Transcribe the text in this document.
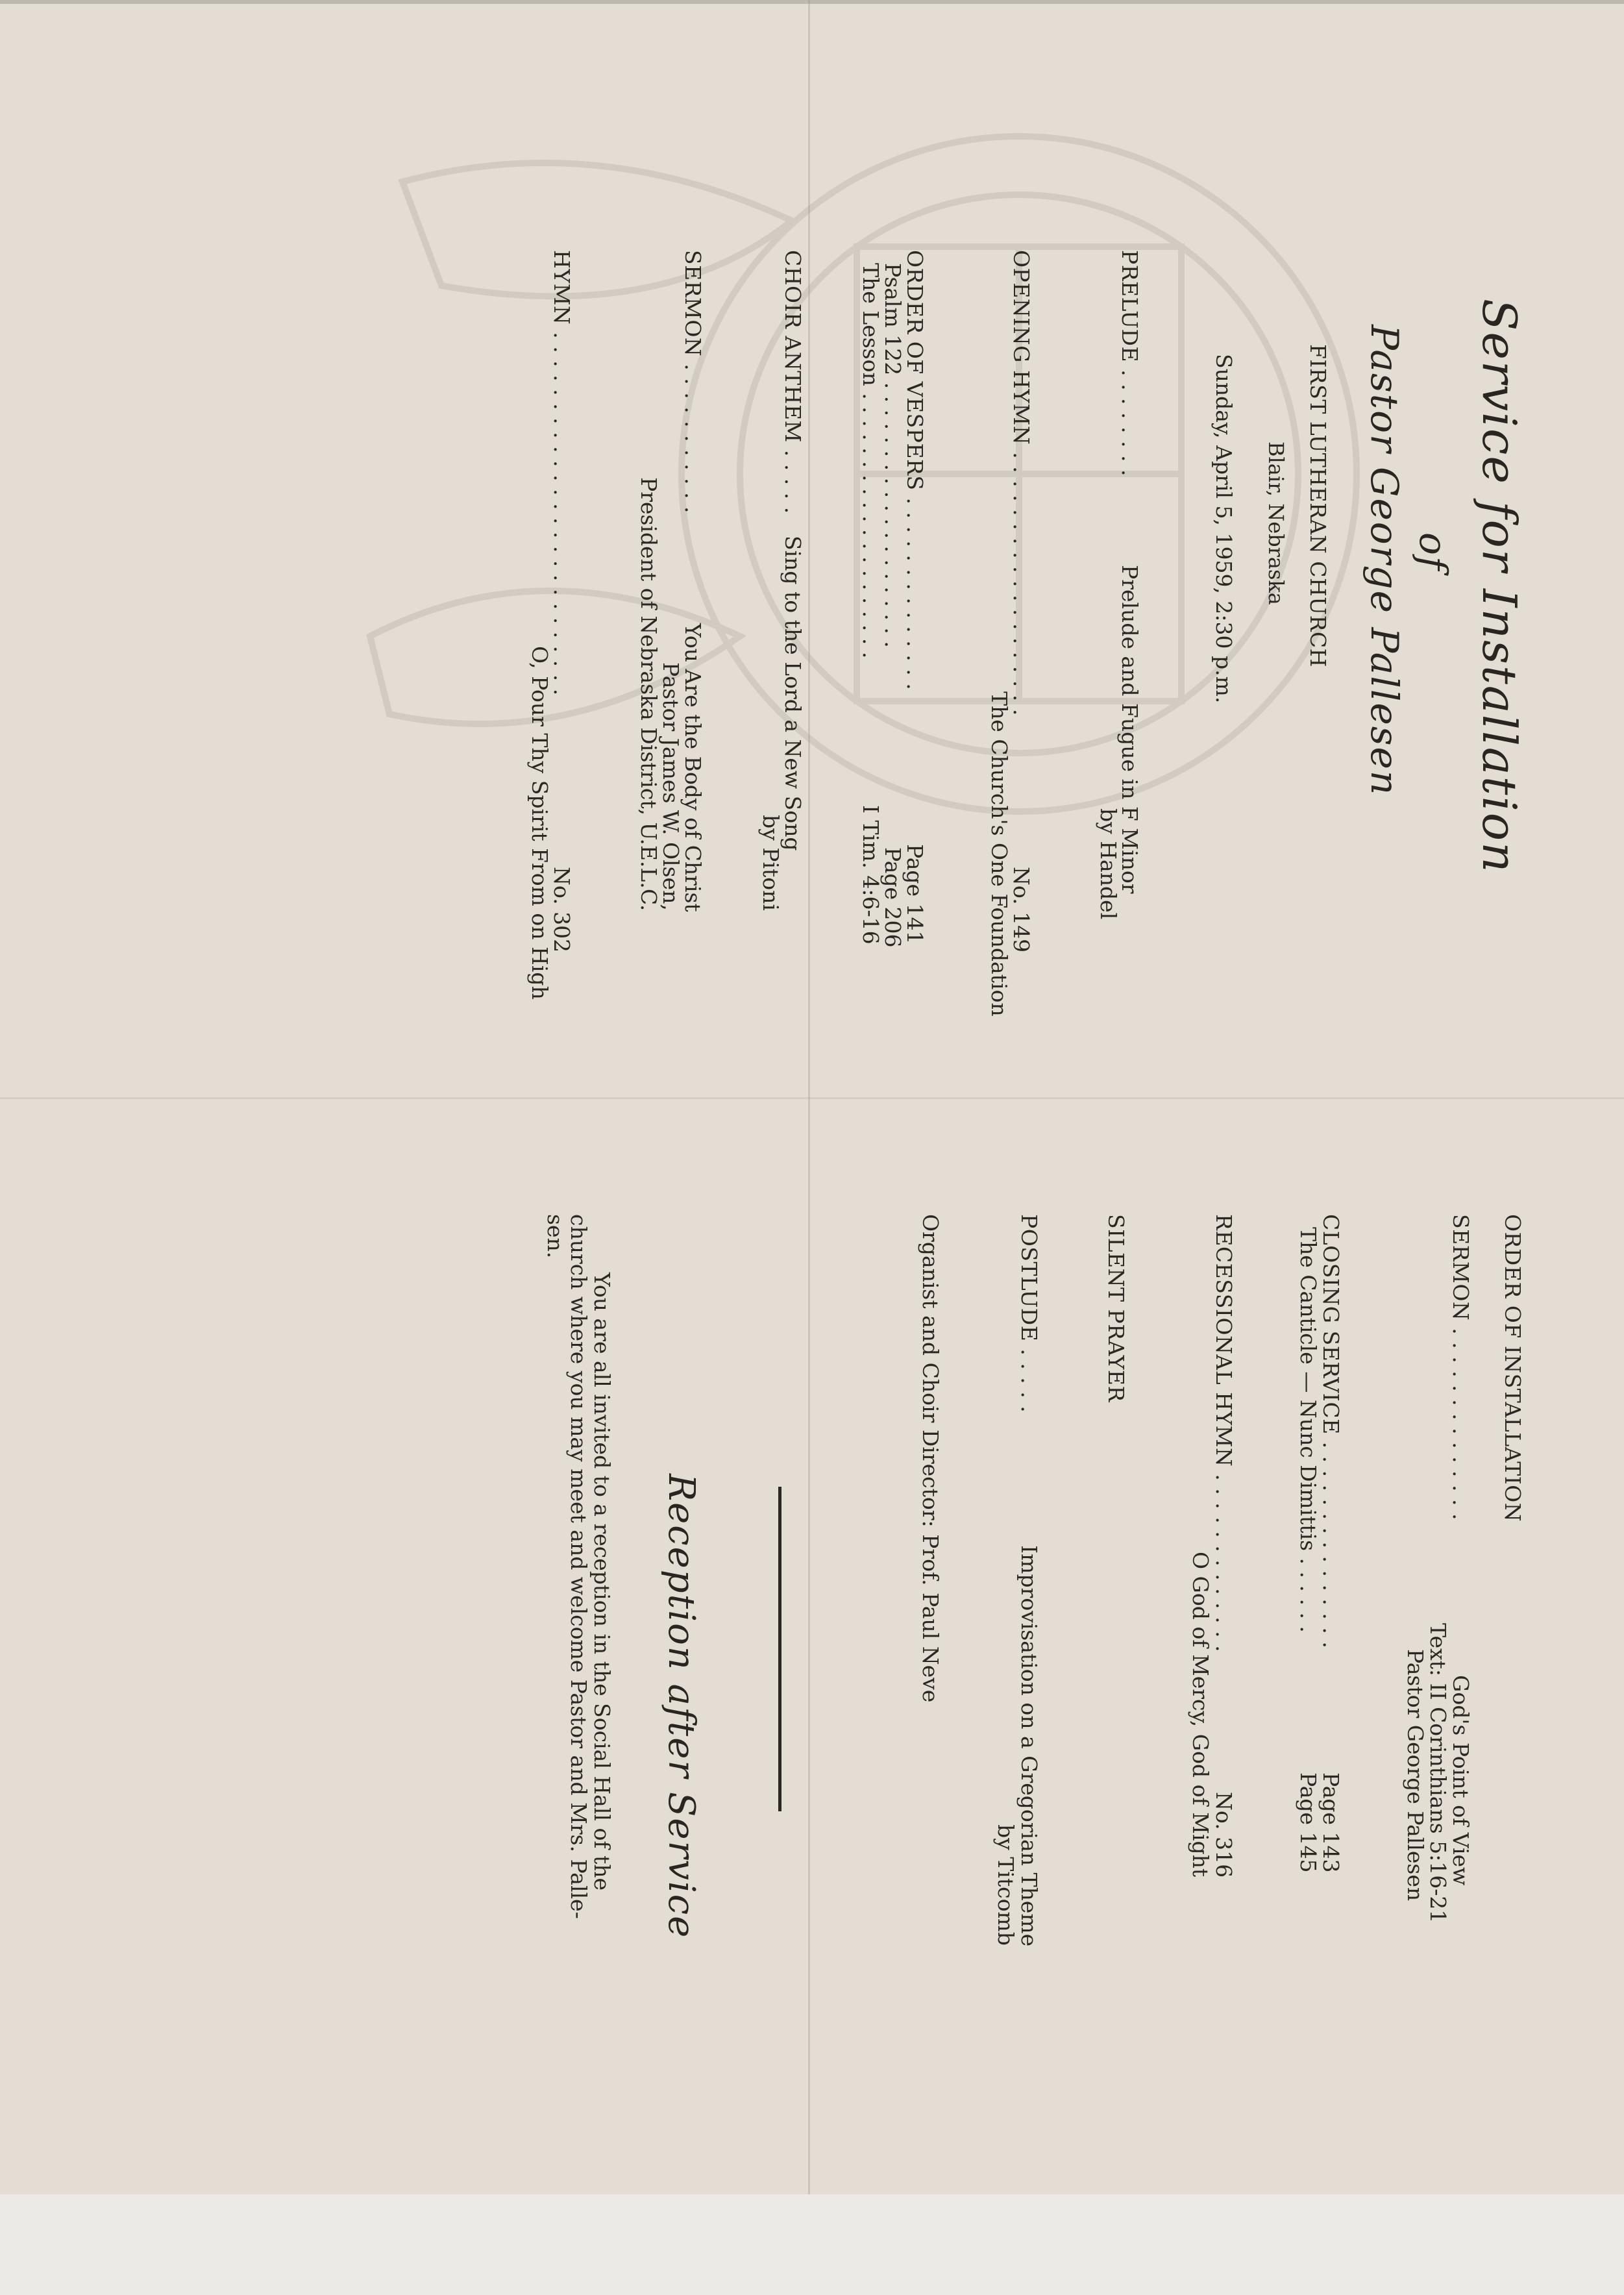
Service for Installation
of
Pastor George Pallesen
FIRST LUTHERAN CHURCH
Blair, Nebraska
Sunday, April 5, 1959, 2:30 p.m.
PRELUDE . . . . . . . .
Prelude and Fugue in F Minor
by Handel
OPENING HYMN . . . . . . . . . . . . . . . . . . .
No. 149
The Church's One Foundation
ORDER OF VESPERS . . . . . . . . . . . . . .
Page 141
Psalm 122 . . . . . . . . . . . . . . . . . . . .
Page 206
The Lesson . . . . . . . . . . . . . . . . . . . .
I Tim. 4:6-16
CHOIR ANTHEM . . . . .
Sing to the Lord a New Song
by Pitoni
SERMON . . . . . . . . . . .
You Are the Body of Christ
Pastor James W. Olsen,
President of Nebraska District, U.E.L.C.
HYMN . . . . . . . . . . . . . . . . . . . . . . . . . .
No. 302
O, Pour Thy Spirit From on High
ORDER OF INSTALLATION
SERMON . . . . . . . . . . . . . .
God's Point of View
Text: II Corinthians 5:16-21
Pastor George Pallesen
CLOSING SERVICE . . . . . . . . . . . . . . .
Page 143
The Canticle — Nunc Dimittis . . . . . .
Page 145
RECESSIONAL HYMN . . . . . . . . . . . . .
No. 316
O God of Mercy, God of Might
SILENT PRAYER
POSTLUDE . . . . .
Improvisation on a Gregorian Theme
by Titcomb
Organist and Choir Director: Prof. Paul Neve
Reception after Service
You are all invited to a reception in the Social Hall of the
church where you may meet and welcome Pastor and Mrs. Palle-
sen.
